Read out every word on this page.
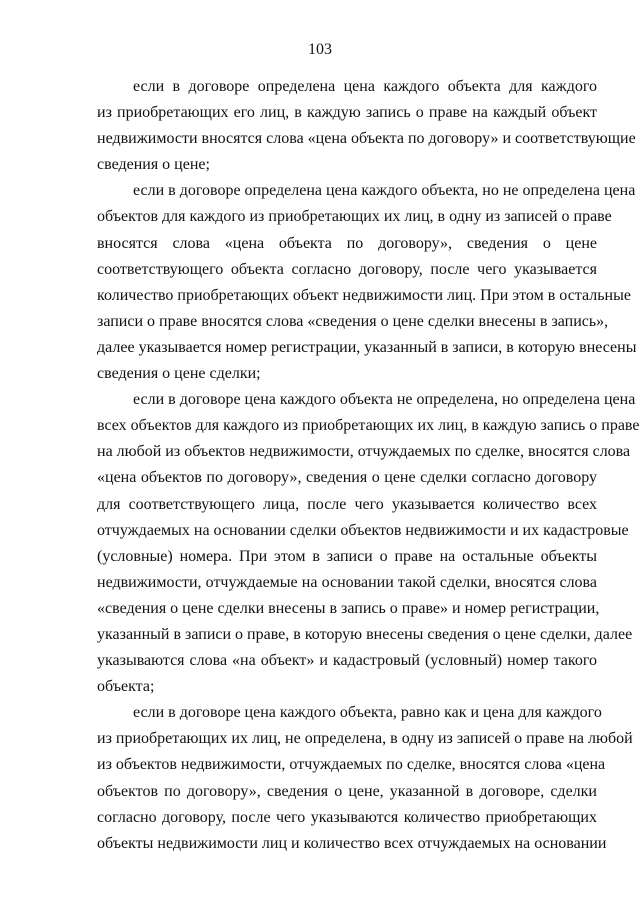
103
если в договоре определена цена каждого объекта для каждого
из приобретающих его лиц, в каждую запись о праве на каждый объект
недвижимости вносятся слова «цена объекта по договору» и соответствующие
сведения о цене;
если в договоре определена цена каждого объекта, но не определена цена
объектов для каждого из приобретающих их лиц, в одну из записей о праве
вносятся слова «цена объекта по договору», сведения о цене
соответствующего объекта согласно договору, после чего указывается
количество приобретающих объект недвижимости лиц. При этом в остальные
записи о праве вносятся слова «сведения о цене сделки внесены в запись»,
далее указывается номер регистрации, указанный в записи, в которую внесены
сведения о цене сделки;
если в договоре цена каждого объекта не определена, но определена цена
всех объектов для каждого из приобретающих их лиц, в каждую запись о праве
на любой из объектов недвижимости, отчуждаемых по сделке, вносятся слова
«цена объектов по договору», сведения о цене сделки согласно договору
для соответствующего лица, после чего указывается количество всех
отчуждаемых на основании сделки объектов недвижимости и их кадастровые
(условные) номера. При этом в записи о праве на остальные объекты
недвижимости, отчуждаемые на основании такой сделки, вносятся слова
«сведения о цене сделки внесены в запись о праве» и номер регистрации,
указанный в записи о праве, в которую внесены сведения о цене сделки, далее
указываются слова «на объект» и кадастровый (условный) номер такого
объекта;
если в договоре цена каждого объекта, равно как и цена для каждого
из приобретающих их лиц, не определена, в одну из записей о праве на любой
из объектов недвижимости, отчуждаемых по сделке, вносятся слова «цена
объектов по договору», сведения о цене, указанной в договоре, сделки
согласно договору, после чего указываются количество приобретающих
объекты недвижимости лиц и количество всех отчуждаемых на основании
